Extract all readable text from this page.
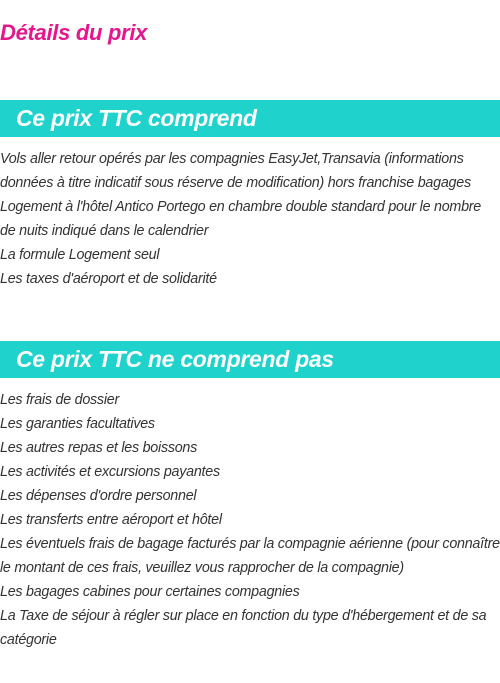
Détails du prix
Ce prix TTC comprend
Vols aller retour opérés par les compagnies EasyJet,Transavia (informations données à titre indicatif sous réserve de modification) hors franchise bagages
Logement à l'hôtel Antico Portego en chambre double standard pour le nombre de nuits indiqué dans le calendrier
La formule Logement seul
Les taxes d'aéroport et de solidarité
Ce prix TTC ne comprend pas
Les frais de dossier
Les garanties facultatives
Les autres repas et les boissons
Les activités et excursions payantes
Les dépenses d'ordre personnel
Les transferts entre aéroport et hôtel
Les éventuels frais de bagage facturés par la compagnie aérienne (pour connaître le montant de ces frais, veuillez vous rapprocher de la compagnie)
Les bagages cabines pour certaines compagnies
La Taxe de séjour à régler sur place en fonction du type d'hébergement et de sa catégorie
